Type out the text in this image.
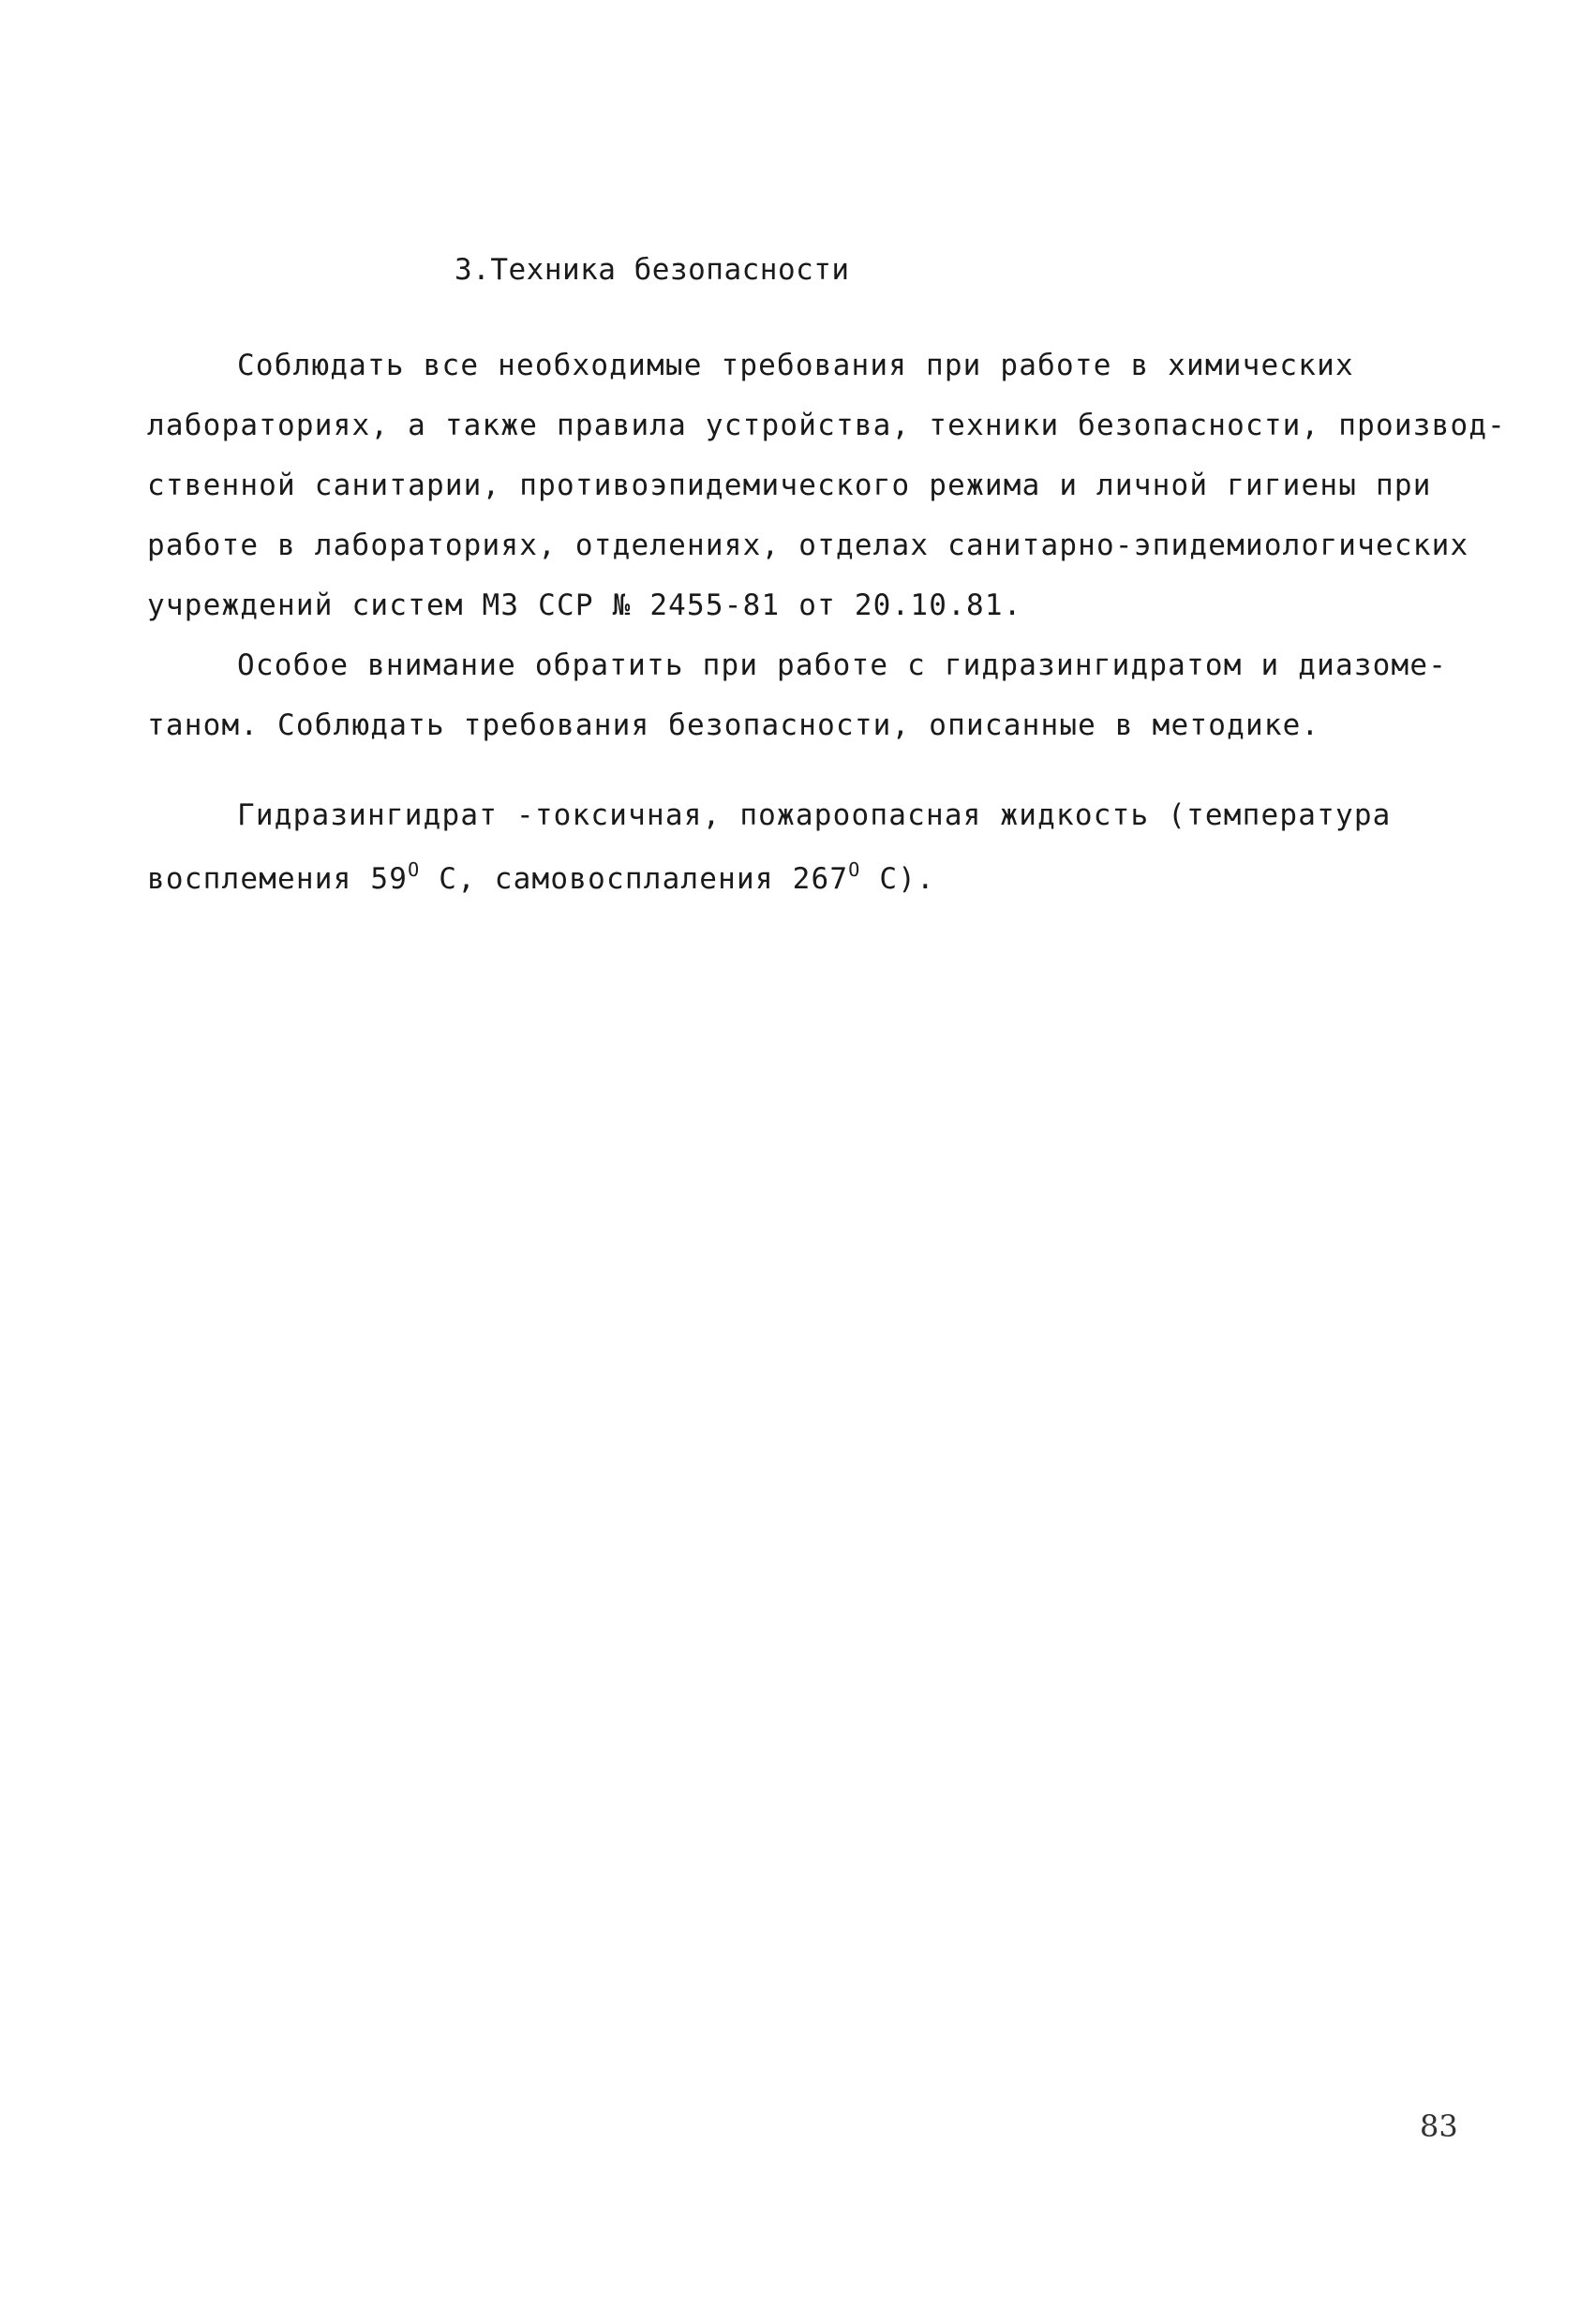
3.Техника безопасности
Соблюдать все необходимые требования при работе в химических
лабораториях, а также правила устройства, техники безопасности, производ-
ственной санитарии, противоэпидемического режима и личной гигиены при
работе в лабораториях, отделениях, отделах санитарно-эпидемиологических
учреждений систем МЗ ССР № 2455-81 от 20.10.81.
Особое внимание обратить при работе с гидразингидратом и диазоме-
таном. Соблюдать требования безопасности, описанные в методике.
Гидразингидрат -токсичная, пожароопасная жидкость (температура
восплемения $59^О$ С, самовосплаления $267^О$ С).
83
